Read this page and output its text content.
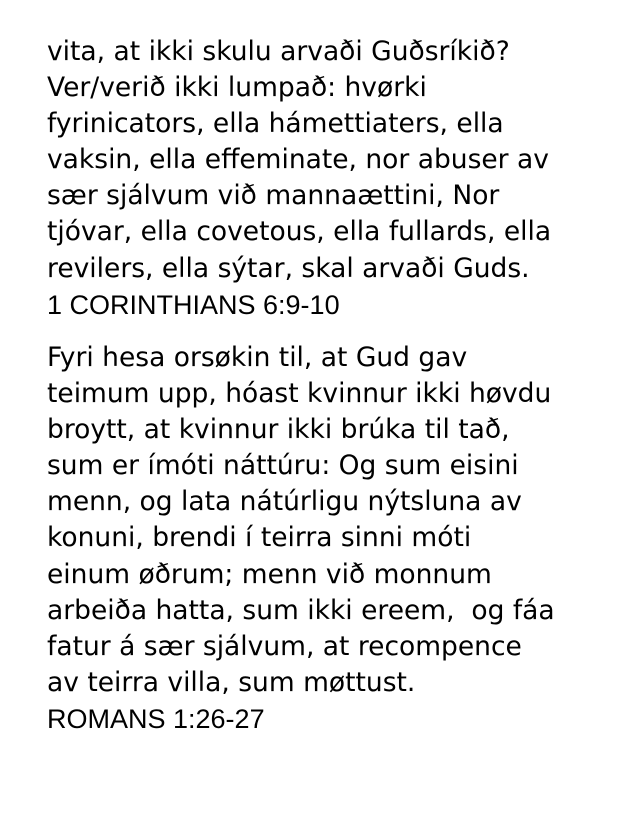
vita, at ikki skulu arvaði Guðsríkið?
Ver/verið ikki lumpað: hvørki
fyrinicators, ella hámettiaters, ella
vaksin, ella effeminate, nor abuser av
sær sjálvum við mannaættini, Nor
tjóvar, ella covetous, ella fullards, ella
revilers, ella sýtar, skal arvaði Guds.
1 CORINTHIANS 6:9-10
Fyri hesa orsøkin til, at Gud gav
teimum upp, hóast kvinnur ikki høvdu
broytt, at kvinnur ikki brúka til tað,
sum er ímóti náttúru: Og sum eisini
menn, og lata nátúrligu nýtsluna av
konuni, brendi í teirra sinni móti
einum øðrum; menn við monnum
arbeiða hatta, sum ikki ereem,  og fáa
fatur á sær sjálvum, at recompence
av teirra villa, sum møttust.
ROMANS 1:26-27
